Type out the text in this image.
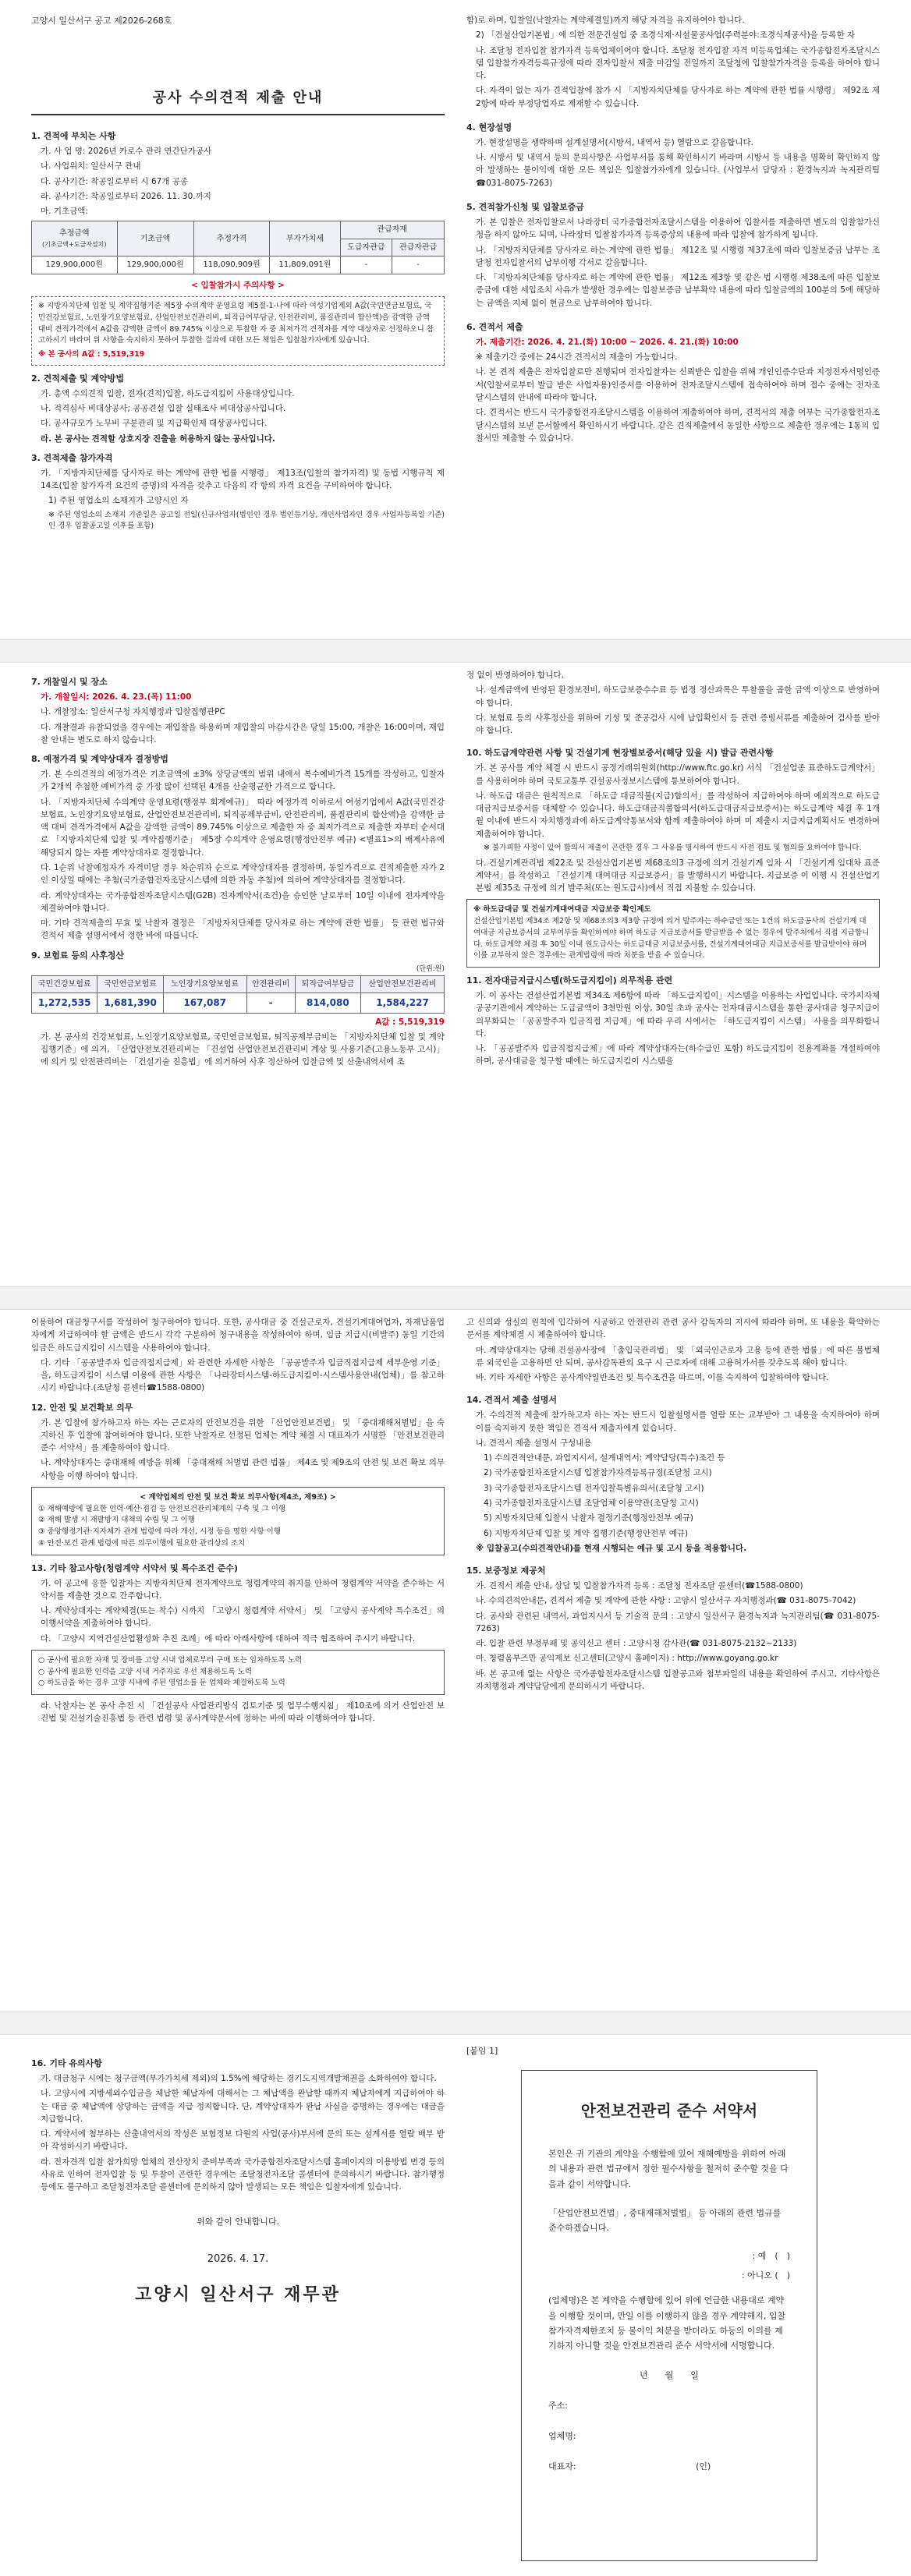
고양시 일산서구 공고 제2026-268호
공사 수의견적 제출 안내
1. 견적에 부치는 사항
가. 사 업 명: 2026년 카로수 관리 연간단가공사
나. 사업위치: 일산서구 관내
다. 공사기간: 착공일로부터 시 67개 공종
라. 공사기간: 착공일로부터 2026. 11. 30.까지
마. 기초금액:
추정금액
(기초금액+도급자설치)	기초금액	추정가격	부가가치세	관급자재	
				도급자관급	관급자관급
129,900,000원	129,900,000원	118,090,909원	11,809,091원	-	-
< 입찰참가시 주의사항 >
※ 지방자치단체 입찰 및 계약집행기준 제5장 수의계약 운영요령 제5절-1-나에 따라 여성기업제외 A값(국민연금보험료, 국민건강보험료, 노인장기요양보험료, 산업안전보건관리비, 퇴직급여부담금, 안전관리비, 품질관리비 합산액)을 감액한 금액 대비 견적가격에서 A값을 감액한 금액이 89.745% 이상으로 투찰한 자 중 최저가격 견적자를 계약 대상자로 선정하오니 참고하시기 바라며 위 사항을 숙지하지 못하여 투찰한 결과에 대한 모든 책임은 입찰참가자에게 있습니다.
※ 본 공사의 A값 : 5,519,319
2. 견적제출 및 계약방법
가. 총액 수의견적 입찰, 전자(견적)입찰, 하도급지킴이 사용대상입니다.
나. 적격심사 비대상공사; 공공견설 입찰 실태조사 비대상공사입니다.
다. 공사규모가 노무비 구분관리 및 지급확인제 대상공사입니다.
라. 본 공사는 견적할 상호지장 진출을 허용하지 않는 공사입니다.
3. 견적제출 참가자격
가. 「지방자치단체를 당사자로 하는 계약에 관한 법률 시행령」 제13조(입찰의 참가자격) 및 동법 시행규칙 제14조(입찰 참가자격 요건의 증명)의 자격을 갖추고 다음의 각 항의 자격 요건을 구비하여야 합니다.
1) 주된 영업소의 소재지가 고양시인 자
※ 주된 영업소의 소재지 기준일은 공고일 전일(신규사업자(법인인 경우 법인등기상, 개인사업자인 경우 사업자등록일 기준)인 경우 입찰공고일 이후를 포함)
함)로 하며, 입찰일(낙찰자는 계약체결일)까지 해당 자격을 유지하여야 합니다.
2) 「건설산업기본법」에 의한 전문건설업 중 조경식재·시설물공사업(주력분야:조경식재공사)을 등록한 자
나. 조달청 전자입찰 참가자격 등록업체이어야 합니다. 조달청 전자입찰 자격 미등록업체는 국가종합전자조달시스템 입찰참가자격등록규정에 따라 전자입찰서 제출 마감일 전일까지 조달청에 입찰참가자격을 등록을 하여야 합니다.
다. 자격이 없는 자가 견적입찰에 참가 시 「지방자치단체를 당사자로 하는 계약에 관한 법률 시행령」 제92조 제2항에 따라 부정당업자로 제재할 수 있습니다.
4. 현장설명
가. 현장설명을 생략하며 설계설명서(시방서, 내역서 등) 열람으로 갈음합니다.
나. 시방서 및 내역서 등의 문의사항은 사업부서를 통해 확인하시기 바라며 시방서 등 내용을 명확히 확인하지 않아 발생하는 불이익에 대한 모든 책임은 입찰참가자에게 있습니다. (사업부서 담당자 : 환경녹지과 녹지관리팀 ☎031-8075-7263)
5. 견적참가신청 및 입찰보증금
가. 본 입찰은 전자입찰로서 나라장터 국가종합전자조달시스템을 이용하여 입찰서를 제출하면 별도의 입찰참가신청을 하지 않아도 되며, 나라장터 입찰참가자격 등록증상의 내용에 따라 입찰에 참가하게 됩니다.
나. 「지방자치단체를 당사자로 하는 계약에 관한 법률」 제12조 및 시행령 제37조에 따라 입찰보증금 납부는 조달청 전자입찰서의 납부이행 각서로 갈음합니다.
다. 「지방자치단체를 당사자로 하는 계약에 관한 법률」 제12조 제3항 및 같은 법 시행령 제38조에 따른 입찰보증금에 대한 세입조치 사유가 발생한 경우에는 입찰보증금 납부확약 내용에 따라 입찰금액의 100분의 5에 해당하는 금액을 지체 없이 현금으로 납부하여야 합니다.
6. 견적서 제출
가. 제출기간: 2026. 4. 21.(화) 10:00 ~ 2026. 4. 21.(화) 10:00
※ 제출기간 중에는 24시간 견적서의 제출이 가능합니다.
나. 본 견적 제출은 전자입찰로만 진행되며 전자입찰자는 신뢰받은 입찰을 위해 개인인증수단과 지정전자서명인증서(입찰서로부터 발급 받은 사업자용)인증서를 이용하여 전자조달시스템에 접속하여야 하며 접수 중에는 전자조달시스템의 안내에 따라야 합니다.
다. 견적서는 반드시 국가종합전자조달시스템을 이용하여 제출하여야 하며, 견적서의 제출 여부는 국가종합전자조달시스템의 보낸 문서함에서 확인하시기 바랍니다. 같은 견적제출에서 동일한 사항으로 제출한 경우에는 1통의 입찰서만 제출할 수 있습니다.
7. 개찰일시 및 장소
가. 개찰일시: 2026. 4. 23.(목) 11:00
나. 개찰장소: 일산서구청 자치행정과 입찰집행관PC
다. 개찰결과 유찰되었을 경우에는 재입찰을 하용하며 재입찰의 마감시간은 당일 15:00, 개찰은 16:00이며, 재입찰 안내는 별도로 하지 않습니다.
8. 예정가격 및 계약상대자 결정방법
가. 본 수의견적의 예정가격은 기초금액에 ±3% 상당금액의 범위 내에서 복수예비가격 15개를 작성하고, 입찰자가 2개씩 추첨한 예비가격 중 가장 많이 선택된 4개를 산술평균한 가격으로 합니다.
나. 「지방자치단체 수의계약 운영요령(행정부 회계예규)」 따라 예정가격 이하로서 여성기업에서 A값(국민건강보험료, 노인장기요양보험료, 산업안전보건관리비, 퇴직공제부금비, 안전관리비, 품질관리비 합산액)을 감액한 금액 대비 견적가격에서 A값을 감액한 금액이 89.745% 이상으로 제출한 자 중 최저가격으로 제출한 자부터 순서대로 「지방자치단체 입찰 및 계약집행기준」 제5장 수의계약 운영요령(행정안전부 예규) <별표1>의 배제사유에 해당되지 않는 자를 계약상대자로 결정합니다.
다. 1순위 낙찰예정자가 자격미달 경우 차순위자 순으로 계약상대자를 결정하며, 동일가격으로 견적제출한 자가 2인 이상일 때에는 추첨(국가종합전자조달시스템에 의한 자동 추첨)에 의하여 계약상대자를 결정합니다.
라. 계약상대자는 국가종합전자조달시스템(G2B) 전자계약서(조건)을 승인한 날로부터 10일 이내에 전자계약을 체결하여야 합니다.
마. 기타 견적제출의 무효 및 낙찰자 결정은 「지방자치단체를 당사자로 하는 계약에 관한 법률」 등 관련 법규와 견적서 제출 설명서에서 정한 바에 따릅니다.
9. 보험료 등의 사후정산
(단위:원)
국민건강보험료	국민연금보험료	노인장기요양보험료	안전관리비	퇴직급여부담금	산업안전보건관리비
1,272,535	1,681,390	167,087	-	814,080	1,584,227
A값 : 5,519,319
가. 본 공사의 건강보험료, 노인장기요양보험료, 국민연금보험료, 퇴직공제부금비는 「지방자치단체 입찰 및 계약집행기준」에 의거, 「산업안전보건관리비는 「건설업 산업안전보건관리비 계상 및 사용기준(고용노동부 고시)」에 의거 및 안전관리비는 「건설기술 진흥법」에 의거하여 사후 정산하여 입찰금액 및 산출내역서에 조
정 없이 반영하여야 합니다.
나. 설계금액에 반영된 환경보전비, 하도급보증수수료 등 법정 정산과목은 투찰률을 곱한 금액 이상으로 반영하여야 합니다.
다. 보험료 등의 사후정산을 위하여 기성 및 준공검사 시에 납입확인서 등 관련 증빙서류를 제출하여 검사를 받아야 합니다.
10. 하도급계약관련 사항 및 건설기계 현장별보증서(해당 있을 시) 발급 관련사항
가. 본 공사를 계약 체결 시 반드시 공정거래위원회(http://www.ftc.go.kr) 서식 「건설업종 표준하도급계약서」를 사용하여야 하며 국토교통부 건설공사정보시스템에 통보하여야 합니다.
나. 하도급 대금은 원칙적으로 「하도급 대금직불(지급)합의서」를 작성하여 지급하여야 하며 예외적으로 하도급대금지급보증서를 대체할 수 있습니다. 하도급대금직불합의서(하도급대금지급보증서)는 하도급계약 체결 후 1개월 이내에 반드시 자치행정과에 하도급계약통보서와 함께 제출하여야 하며 미 제출시 지급지급계획서도 변경하여 제출하여야 합니다.
※ 불가피한 사정이 있어 합의서 제출이 곤란한 경우 그 사유를 명시하여 반드시 사전 검토 및 협의를 요하여야 합니다.
다. 건설기계관리법 제22조 및 건설산업기본법 제68조의3 규정에 의거 건설기계 임차 시 「건설기계 임대차 표준계약서」를 작성하고 「건설기계 대여대금 지급보증서」를 발행하시기 바랍니다. 지급보증 이 이행 시 건설산업기본법 제35조 규정에 의거 발주처(또는 원도급사)에서 직접 지불할 수 있습니다.
※ 하도급대금 및 건설기계대여대금 지급보증 확인제도
건설산업기본법 제34조 제2항 및 제68조의3 제3항 규정에 의거 발주자는 하수급인 또는 1건의 하도급공사의 건설기계 대여대금 지급보증서의 교부여부를 확인하여야 하며 하도급 지급보증서를 발급받을 수 없는 경우에 발주처에서 직접 지급합니다. 하도급계약 체결 후 30일 이내 원도급사는 하도급대금 지급보증서를, 건설기계대여대금 지급보증서를 발급받아야 하며 이를 교부하지 않은 경우에는 관계법령에 따라 처분을 받을 수 있습니다.
11. 전자대금지급시스템(하도급지킴이) 의무적용 관련
가. 이 공사는 건설산업기본법 제34조 제6항에 따라 「하도급지킴이」시스템을 이용하는 사업입니다. 국가지자체공공기관에서 계약하는 도급금액이 3천만원 이상, 30일 초과 공사는 전자대금시스템을 통한 공사대금 청구지급이 의무화되는 「공공발주자 입금직접 지급제」에 따라 우리 시에서는 「하도급지킴이 시스템」 사용을 의무화합니다.
나. 「공공발주자 입금직접지급제」에 따라 계약상대자는(하수급인 포함) 하도급지킴이 전용계좌를 개설하여야 하며, 공사대금을 청구할 때에는 하도급지킴이 시스템을
이용하여 대금청구서를 작성하여 청구하여야 합니다. 또한, 공사대금 중 건설근로자, 건설기계대여업자, 자재납품업자에게 지급하여야 할 금액은 반드시 각각 구분하여 청구내용을 작성하여야 하며, 임금 지급시(비발주) 동일 기간의 임금은 하도급지킴이 시스템을 사용하여야 합니다.
다. 기타 「공공발주자 입금직접지급제」와 관련한 자세한 사항은 「공공발주자 입금직접지급제 세부운영 기준」을, 하도급지킴이 시스템 이용에 관한 사항은 「나라장터시스템-하도급지킴이-시스템사용안내(업체)」를 참고하시기 바랍니다.(조달청 콜센터☎1588-0800)
12. 안전 및 보건확보 의무
가. 본 입찰에 참가하고자 하는 자는 근로자의 안전보건을 위한 「산업안전보건법」 및 「중대재해처벌법」을 숙지하신 후 입찰에 참여하여야 합니다. 또한 낙찰자로 선정된 업체는 계약 체결 시 대표자가 서명한 「안전보건관리 준수 서약서」를 제출하여야 합니다.
나. 계약상대자는 중대재해 예방을 위해 「중대재해 처벌법 관련 법률」 제4조 및 제9조의 안전 및 보건 확보 의무사항을 이행 하여야 합니다.
< 계약업체의 안전 및 보건 확보 의무사항(제4조, 제9조) >
① 재해예방에 필요한 인력·예산·점검 등 안전보건관리체계의 구축 및 그 이행
② 재해 발생 시 재발방지 대책의 수립 및 그 이행
③ 중앙행정기관·지자체가 관계 법령에 따라 개선, 시정 등을 명한 사항 이행
④ 안전·보건 관계 법령에 따른 의무이행에 필요한 관리상의 조치
13. 기타 참고사항(청렴계약 서약서 및 특수조건 준수)
가. 이 공고에 응한 입찰자는 지방자치단체 전자계약으로 청렴계약의 취지를 안하여 청렴계약 서약을 준수하는 서약서를 제출한 것으로 간주합니다.
나. 계약상대자는 계약체결(또는 착수) 시까지 「고양시 청렴계약 서약서」 및 「고양시 공사계약 특수조건」의 이행서약을 제출하여야 합니다.
다. 「고양시 지역건설산업활성화 추진 조례」에 따라 아래사항에 대하여 적극 협조하여 주시기 바랍니다.
○ 공사에 필요한 자재 및 장비를 고양 시내 업체로부터 구매 또는 임차하도록 노력
○ 공사에 필요한 인력을 고양 시내 거주자로 우선 채용하도록 노력
○ 하도급을 하는 경우 고양 시내에 주된 영업소를 둔 업체와 체결하도록 노력
라. 낙찰자는 본 공사 추진 시 「건설공사 사업관리방식 검토기준 및 업무수행지침」 제10조에 의거 산업안전 보건법 및 건설기술진흥법 등 관련 법령 및 공사계약문서에 정하는 바에 따라 이행하여야 합니다.
고 신의와 성실의 원칙에 입각하여 시공하고 안전관리 관련 공사 감독자의 지시에 따라야 하며, 또 내용을 확약하는 문서를 계약체결 시 제출하여야 합니다.
마. 계약상대자는 당해 건설공사장에 「출입국관리법」 및 「외국인근로자 고용 등에 관한 법률」에 따른 불법체류 외국인을 고용하면 안 되며, 공사감독관의 요구 시 근로자에 대해 고용허가서를 갖추도록 해야 합니다.
바. 기타 자세한 사항은 공사계약일반조건 및 특수조건을 따르며, 이를 숙지하여 입찰하여야 합니다.
14. 견적서 제출 설명서
가. 수의견적 제출에 참가하고자 하는 자는 반드시 입찰설명서를 열람 또는 교부받아 그 내용을 숙지하여야 하며 이를 숙지하지 못한 책임은 견적서 제출자에게 있습니다.
나. 견적서 제출 설명서 구성내용
1) 수의견적안내문, 과업지시서, 설계내역서: 계약담당(특수)조건 등
2) 국가종합전자조달시스템 입찰참가자격등록규정(조달청 고시)
3) 국가종합전자조달시스템 전자입찰특별유의서(조달청 고시)
4) 국가종합전자조달시스템 조달업체 이용약관(조달청 고시)
5) 지방자치단체 입찰시 낙찰자 결정기준(행정안전부 예규)
6) 지방자치단체 입찰 및 계약 집행기준(행정안전부 예규)
※ 입찰공고(수의견적안내)를 현재 시행되는 예규 및 고시 등을 적용합니다.
15. 보증정보 제공처
가. 견적서 제출 안내, 상담 및 입찰참가자격 등록 : 조달청 전자조달 콜센터(☎1588-0800)
나. 수의견적안내문, 견적서 제출 및 계약에 관한 사항 : 고양시 일산서구 자치행정과(☎ 031-8075-7042)
다. 공사와 관련된 내역서, 과업지시서 등 기술적 문의 : 고양시 일산서구 환경녹지과 녹지관리팀(☎ 031-8075-7263)
라. 입찰 관련 부정부패 및 공익신고 센터 : 고양시청 감사관(☎ 031-8075-2132~2133)
마. 청렴옴부즈만 공익제보 신고센터(고양시 홈페이지) : http://www.goyang.go.kr
바. 본 공고에 없는 사항은 국가종합전자조달시스템 입찰공고와 첨부파일의 내용을 확인하여 주시고, 기타사항은 자치행정과 계약담당에게 문의하시기 바랍니다.
16. 기타 유의사항
가. 대금청구 시에는 청구금액(부가가치세 제외)의 1.5%에 해당하는 경기도지역개발채권을 소화하여야 합니다.
나. 고양시에 지방세외수입금을 체납한 체납자에 대해서는 그 체납액을 완납할 때까지 체납자에게 지급하여야 하는 대금 중 체납액에 상당하는 금액을 지급 정지합니다. 단, 계약상대자가 완납 사실을 증명하는 경우에는 대금을 지급합니다.
다. 계약서에 첨부하는 산출내역서의 작성은 보험정보 다원의 사업(공사)부서에 문의 또는 설계서를 열람 배부 받아 작성하시기 바랍니다.
라. 전자견적 입찰 참가희망 업체의 전산장치 준비부족과 국가종합전자조달시스템 홈페이지의 이용방법 변경 등의 사유로 인하여 전자입찰 등 및 투찰이 곤란한 경우에는 조달청전자조달 콜센터에 문의하시기 바랍니다. 참가행정 등에도 불구하고 조달청전자조달 콜센터에 문의하지 않아 발생되는 모든 책임은 입찰자에게 있습니다.
위와 같이 안내합니다.
2026. 4. 17.
고양시 일산서구 재무관
[붙임 1]
안전보건관리 준수 서약서
본인은 귀 기관의 계약을 수행함에 있어 재해예방을 위하여 아래의 내용과 관련 법규에서 정한 필수사항을 철저히 준수할 것을 다음과 같이 서약합니다.
「산업안전보건법」, 중대재해처벌법」 등 아래의 관련 법규를 준수하겠습니다.
: 예　(　)
: 아니오 (　)
(업체명)은 본 계약을 수행함에 있어 위에 언급한 내용대로 계약을 이행할 것이며, 만일 이를 이행하지 않을 경우 계약해지, 입찰참가자격제한조치 등 불이익 처분을 받더라도 하등의 이의를 제기하지 아니할 것을 안전보건관리 준수 서약서에 서명합니다.
년　　월　　일
주소:
업체명:
대표자:	(인)
